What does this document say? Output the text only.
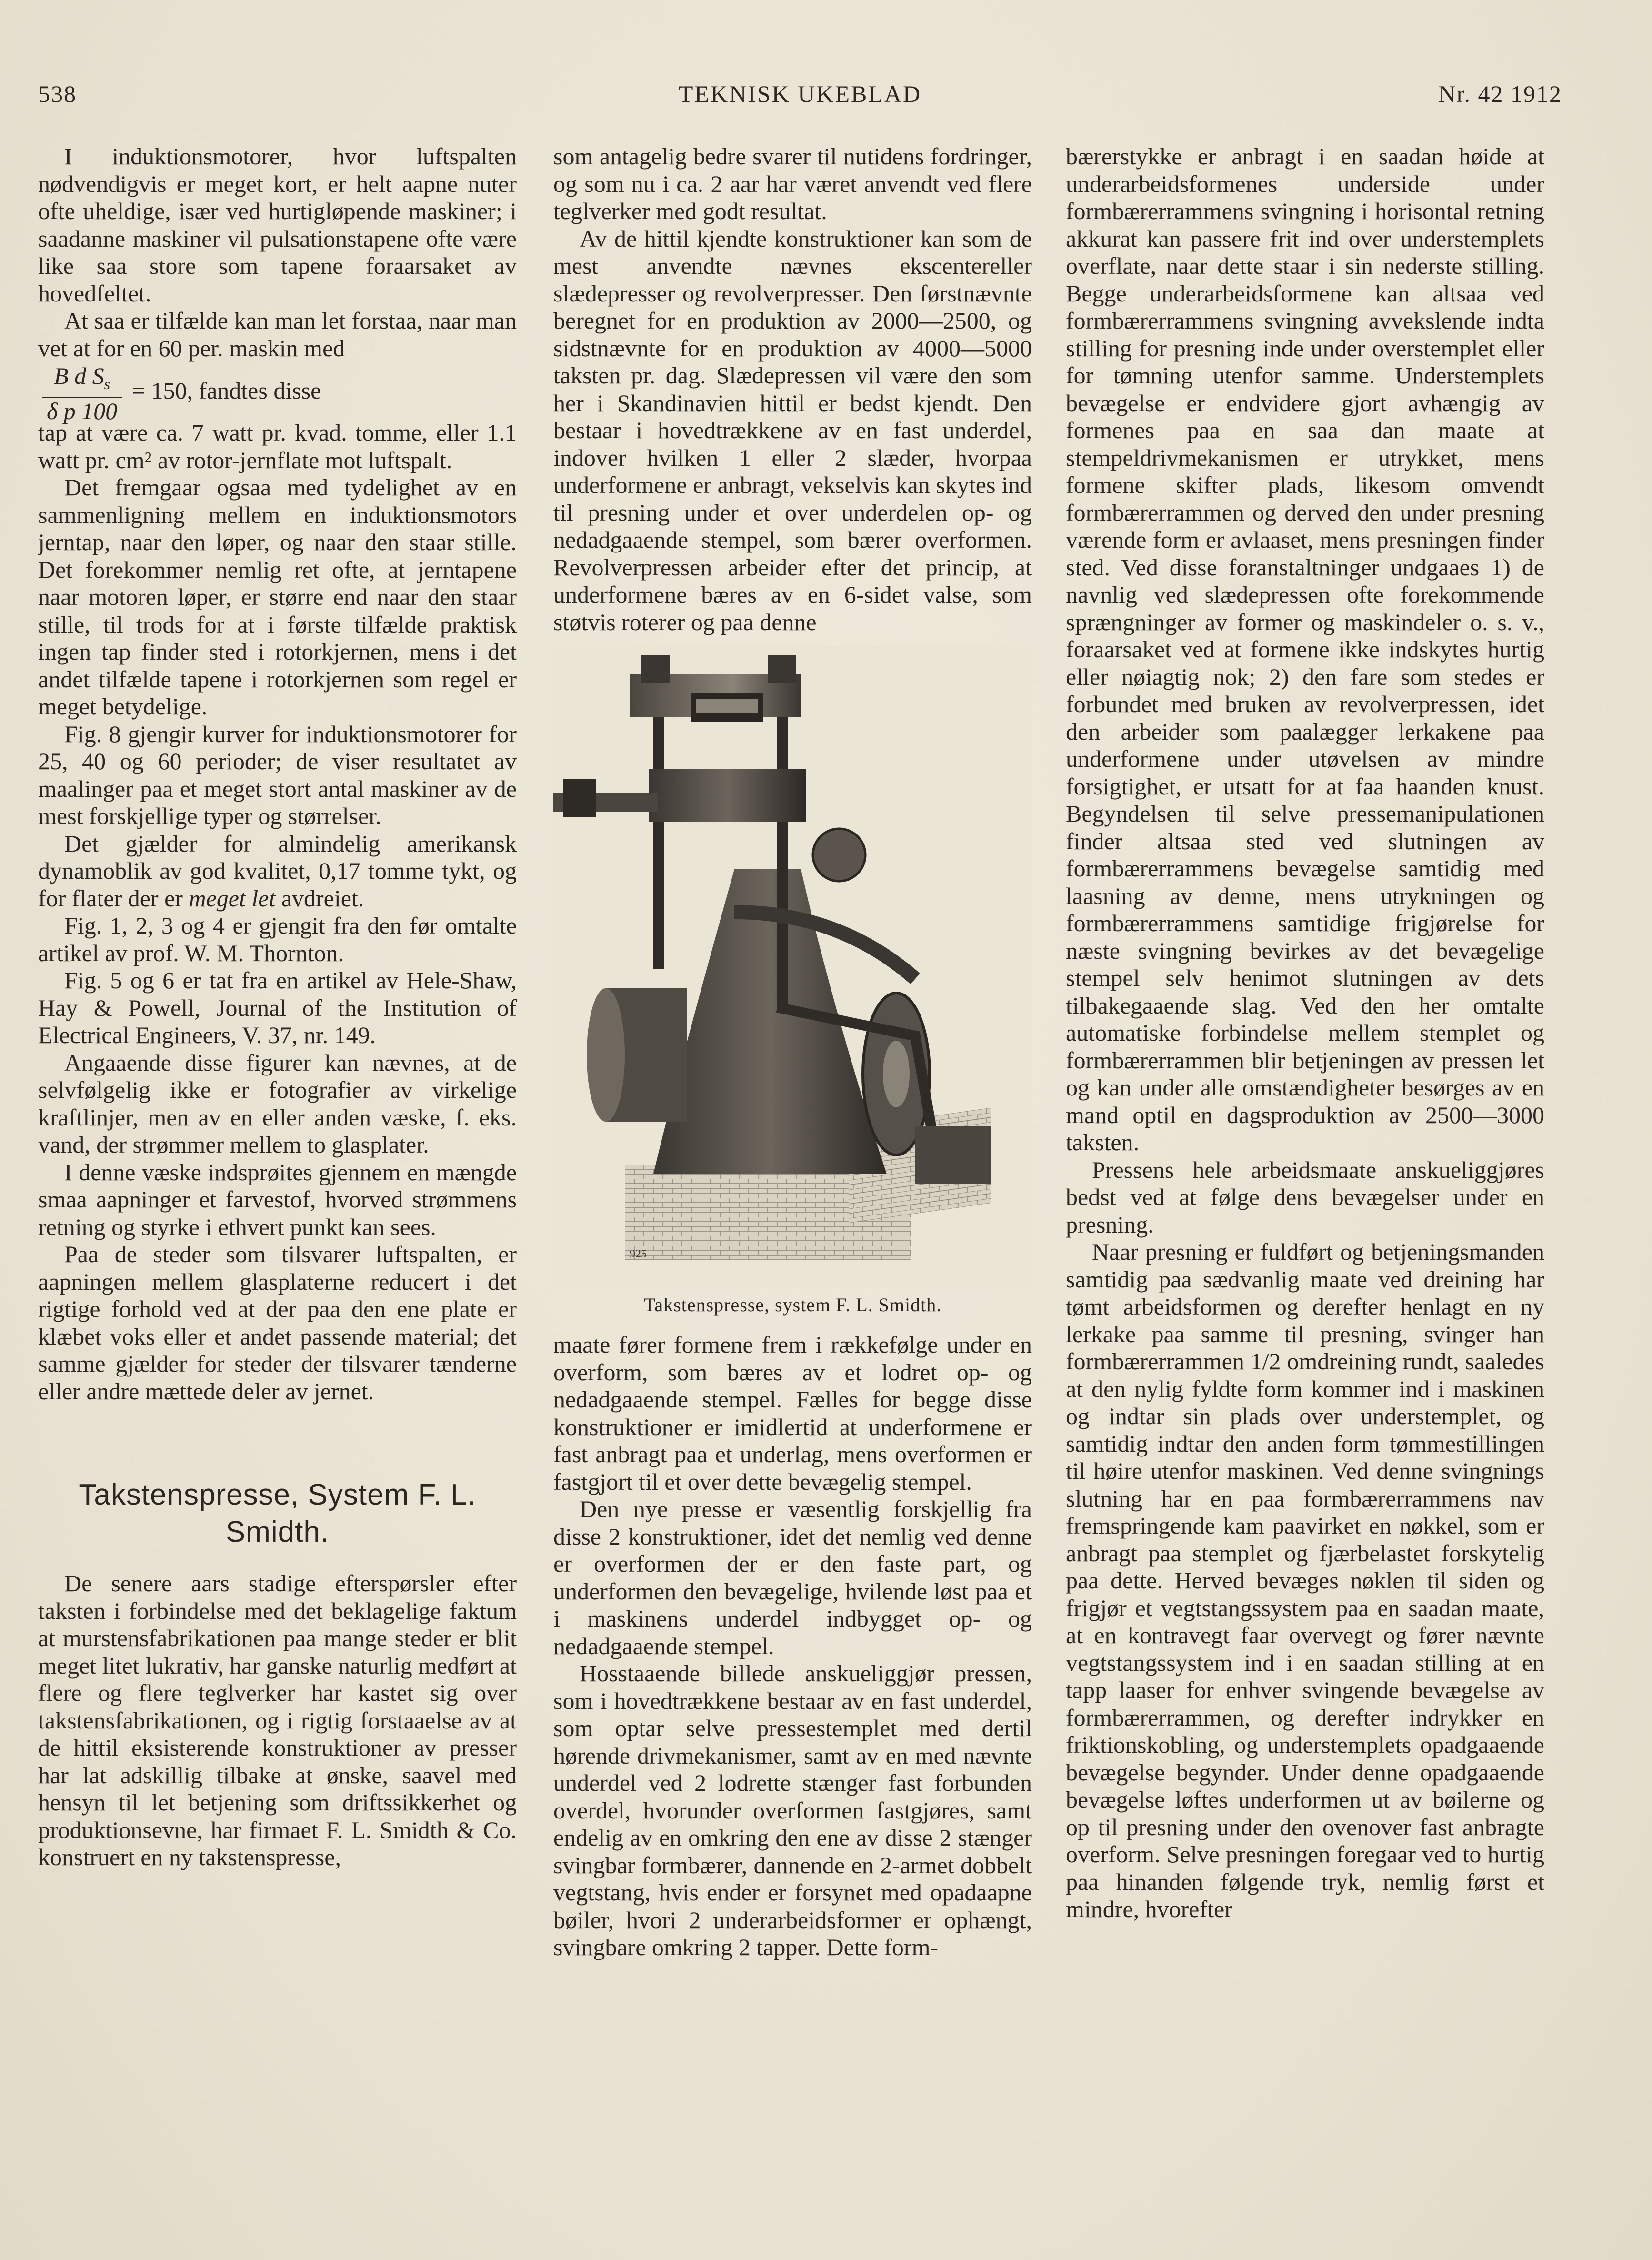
538	TEKNISK UKEBLAD	Nr. 42 1912

I induktionsmotorer, hvor luftspalten nødvendigvis er meget kort, er helt aapne nuter ofte uheldige, især ved hurtigløpende maskiner; i saadanne maskiner vil pulsationstapene ofte være like saa store som tapene foraarsaket av hovedfeltet.

At saa er tilfælde kan man let forstaa, naar man vet at for en 60 per. maskin med

$\frac{B d S_s}{\text{δ p 100}} = 150$, fandtes disse

tap at være ca. 7 watt pr. kvad. tomme, eller 1.1 watt pr. cm² av rotor-jernflate mot luftspalt.

Det fremgaar ogsaa med tydelighet av en sammenligning mellem en induktionsmotors jerntap, naar den løper, og naar den staar stille. Det forekommer nemlig ret ofte, at jerntapene naar motoren løper, er større end naar den staar stille, til trods for at i første tilfælde praktisk ingen tap finder sted i rotorkjernen, mens i det andet tilfælde tapene i rotorkjernen som regel er meget betydelige.

Fig. 8 gjengir kurver for induktionsmotorer for 25, 40 og 60 perioder; de viser resultatet av maalinger paa et meget stort antal maskiner av de mest forskjellige typer og størrelser.

Det gjælder for almindelig amerikansk dynamoblik av god kvalitet, 0,17 tomme tykt, og for flater der er meget let avdreiet.

Fig. 1, 2, 3 og 4 er gjengit fra den før omtalte artikel av prof. W. M. Thornton.

Fig. 5 og 6 er tat fra en artikel av Hele-Shaw, Hay & Powell, Journal of the Institution of Electrical Engineers, V. 37, nr. 149.

Angaaende disse figurer kan nævnes, at de selvfølgelig ikke er fotografier av virkelige kraftlinjer, men av en eller anden væske, f. eks. vand, der strømmer mellem to glasplater.

I denne væske indsprøites gjennem en mængde smaa aapninger et farvestof, hvorved strømmens retning og styrke i ethvert punkt kan sees.

Paa de steder som tilsvarer luftspalten, er aapningen mellem glasplaterne reducert i det rigtige forhold ved at der paa den ene plate er klæbet voks eller et andet passende material; det samme gjælder for steder der tilsvarer tænderne eller andre mættede deler av jernet.

Takstenspresse, System F. L. Smidth.

De senere aars stadige efterspørsler efter taksten i forbindelse med det beklagelige faktum at murstensfabrikationen paa mange steder er blit meget litet lukrativ, har ganske naturlig medført at flere og flere teglverker har kastet sig over takstensfabrikationen, og i rigtig forstaaelse av at de hittil eksisterende konstruktioner av presser har lat adskillig tilbake at ønske, saavel med hensyn til let betjening som driftssikkerhet og produktionsevne, har firmaet F. L. Smidth & Co. konstruert en ny takstenspresse,

som antagelig bedre svarer til nutidens fordringer, og som nu i ca. 2 aar har været anvendt ved flere teglverker med godt resultat.

Av de hittil kjendte konstruktioner kan som de mest anvendte nævnes ekscentereller slædepresser og revolverpresser. Den førstnævnte beregnet for en produktion av 2000—2500, og sidstnævnte for en produktion av 4000—5000 taksten pr. dag. Slædepressen vil være den som her i Skandinavien hittil er bedst kjendt. Den bestaar i hovedtrækkene av en fast underdel, indover hvilken 1 eller 2 slæder, hvorpaa underformene er anbragt, vekselvis kan skytes ind til presning under et over underdelen op- og nedadgaaende stempel, som bærer overformen. Revolverpressen arbeider efter det princip, at underformene bæres av en 6-sidet valse, som støtvis roterer og paa denne

925
Takstenspresse, system F. L. Smidth.

maate fører formene frem i rækkefølge under en overform, som bæres av et lodret op- og nedadgaaende stempel. Fælles for begge disse konstruktioner er imidlertid at underformene er fast anbragt paa et underlag, mens overformen er fastgjort til et over dette bevægelig stempel.

Den nye presse er væsentlig forskjellig fra disse 2 konstruktioner, idet det nemlig ved denne er overformen der er den faste part, og underformen den bevægelige, hvilende løst paa et i maskinens underdel indbygget op- og nedadgaaende stempel.

Hosstaaende billede anskueliggjør pressen, som i hovedtrækkene bestaar av en fast underdel, som optar selve pressestemplet med dertil hørende drivmekanismer, samt av en med nævnte underdel ved 2 lodrette stænger fast forbunden overdel, hvorunder overformen fastgjøres, samt endelig av en omkring den ene av disse 2 stænger svingbar formbærer, dannende en 2-armet dobbelt vegtstang, hvis ender er forsynet med opadaapne bøiler, hvori 2 underarbeidsformer er ophængt, svingbare omkring 2 tapper. Dette form-

bærerstykke er anbragt i en saadan høide at underarbeidsformenes underside under formbærerrammens svingning i horisontal retning akkurat kan passere frit ind over understemplets overflate, naar dette staar i sin nederste stilling. Begge underarbeidsformene kan altsaa ved formbærerrammens svingning avvekslende indta stilling for presning inde under overstemplet eller for tømning utenfor samme. Understemplets bevægelse er endvidere gjort avhængig av formenes paa en saa dan maate at stempeldrivmekanismen er utrykket, mens formene skifter plads, likesom omvendt formbærerrammen og derved den under presning værende form er avlaaset, mens presningen finder sted. Ved disse foranstaltninger undgaaes 1) de navnlig ved slædepressen ofte forekommende sprængninger av former og maskindeler o. s. v., foraarsaket ved at formene ikke indskytes hurtig eller nøiagtig nok; 2) den fare som stedes er forbundet med bruken av revolverpressen, idet den arbeider som paalægger lerkakene paa underformene under utøvelsen av mindre forsigtighet, er utsatt for at faa haanden knust. Begyndelsen til selve pressemanipulationen finder altsaa sted ved slutningen av formbærerrammens bevægelse samtidig med laasning av denne, mens utrykningen og formbærerrammens samtidige frigjørelse for næste svingning bevirkes av det bevægelige stempel selv henimot slutningen av dets tilbakegaaende slag. Ved den her omtalte automatiske forbindelse mellem stemplet og formbærerrammen blir betjeningen av pressen let og kan under alle omstændigheter besørges av en mand optil en dagsproduktion av 2500—3000 taksten.

Pressens hele arbeidsmaate anskueliggjøres bedst ved at følge dens bevægelser under en presning.

Naar presning er fuldført og betjeningsmanden samtidig paa sædvanlig maate ved dreining har tømt arbeidsformen og derefter henlagt en ny lerkake paa samme til presning, svinger han formbærerrammen 1/2 omdreining rundt, saaledes at den nylig fyldte form kommer ind i maskinen og indtar sin plads over understemplet, og samtidig indtar den anden form tømmestillingen til høire utenfor maskinen. Ved denne svingnings slutning har en paa formbærerrammens nav fremspringende kam paavirket en nøkkel, som er anbragt paa stemplet og fjærbelastet forskytelig paa dette. Herved bevæges nøklen til siden og frigjør et vegtstangssystem paa en saadan maate, at en kontravegt faar overvegt og fører nævnte vegtstangssystem ind i en saadan stilling at en tapp laaser for enhver svingende bevægelse av formbærerrammen, og derefter indrykker en friktionskobling, og understemplets opadgaaende bevægelse begynder. Under denne opadgaaende bevægelse løftes underformen ut av bøilerne og op til presning under den ovenover fast anbragte overform. Selve presningen foregaar ved to hurtig paa hinanden følgende tryk, nemlig først et mindre, hvorefter
